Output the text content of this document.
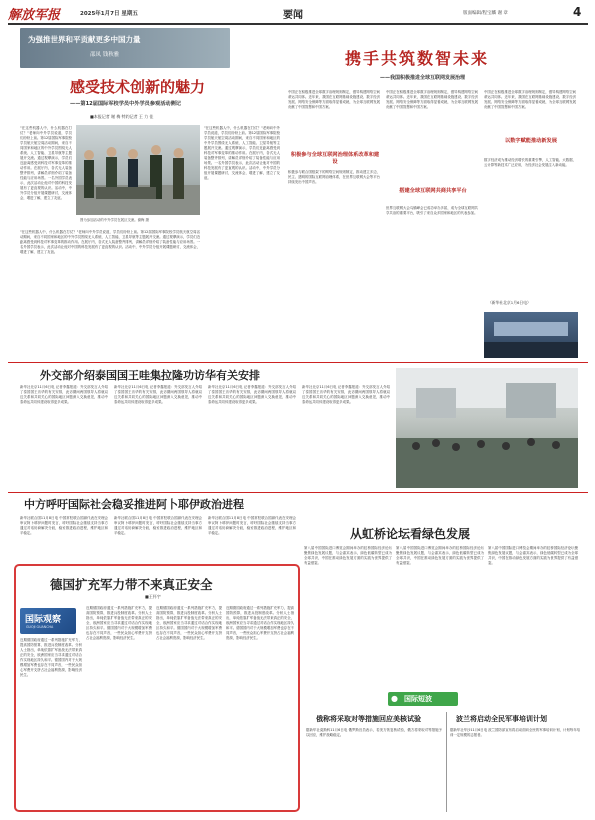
解放军报	2025年1月7日 星期五	要闻	版面编辑/程宝麟 谢 章	4
为强推世界和平贡献更多中国力量
邵凤 钱秋雅
感受技术创新的魅力
——第12届国际军校学员中外学员参观活动侧记
■本报记者 谢 梅 特约记者 王 力 佳
图为参加活动的中外学员在展区交流。谢梅 摄
"在这些机器人中，什么机器在打仗？"老师向中外学员说道，学员们纷纷上前。第12届国际军事院校学员航天航空周活动期间，来自不同国家和地区的中外学员围绕无人系统、人工智能、卫星导航等主题展开交流。通过观摩演示，学员们近距离感受到科技对军事变革的推动作用。在展厅内，各式无人装备整齐排列，讲解员详细介绍了装备性能与应用场景。一名外国学员表示，此次活动让他对中国的科技发展有了更直观的认识。活动中，中外学员分组开展课题研讨，交流体会，增进了解，建立了友谊。
"在这些机器人中，什么机器在打仗？"老师向中外学员说道，学员们纷纷上前。第12届国际军事院校学员航天航空周活动期间，来自不同国家和地区的中外学员围绕无人系统、人工智能、卫星导航等主题展开交流。通过观摩演示，学员们近距离感受到科技对军事变革的推动作用。在展厅内，各式无人装备整齐排列，讲解员详细介绍了装备性能与应用场景。一名外国学员表示，此次活动让他对中国的科技发展有了更直观的认识。活动中，中外学员分组开展课题研讨，交流体会，增进了解，建立了友谊。
"在这些机器人中，什么机器在打仗？"老师向中外学员说道，学员们纷纷上前。第12届国际军事院校学员航天航空周活动期间，来自不同国家和地区的中外学员围绕无人系统、人工智能、卫星导航等主题展开交流。通过观摩演示，学员们近距离感受到科技对军事变革的推动作用。在展厅内，各式无人装备整齐排列，讲解员详细介绍了装备性能与应用场景。一名外国学员表示，此次活动让他对中国的科技发展有了更直观的认识。活动中，中外学员分组开展课题研讨，交流体会，增进了解，建立了友谊。
携手共筑数智未来
——我国积极推进全球互联网发展治理
中国正在积极推进全球数字治理规则制定，倡导构建网络空间命运共同体。近年来，我国在互联网基础设施建设、数字经济发展、网络安全保障等方面取得显著成就，为全球互联网发展贡献了中国智慧和中国方案。
积极参与全球互联网治理体系改革和建设
积极参与联合国框架下的网络空间规则制定，推动建立多边、民主、透明的国际互联网治理体系，在世界互联网大会等平台持续发出中国声音。
中国正在积极推进全球数字治理规则制定，倡导构建网络空间命运共同体。近年来，我国在互联网基础设施建设、数字经济发展、网络安全保障等方面取得显著成就，为全球互联网发展贡献了中国智慧和中国方案。
搭建全球互联网共商共享平台
世界互联网大会乌镇峰会已成功举办多届，成为全球互联网共享共治的重要平台，吸引了来自众多国家和地区的代表参加。
中国正在积极推进全球数字治理规则制定，倡导构建网络空间命运共同体。近年来，我国在互联网基础设施建设、数字经济发展、网络安全保障等方面取得显著成就，为全球互联网发展贡献了中国智慧和中国方案。
以数字赋能推动新发展
数字经济成为推动经济增长的重要引擎，人工智能、大数据、云计算等新技术广泛应用，为经济社会发展注入新动能。
（新华社北京1月6日电）
外交部介绍泰国国王哇集拉隆功访华有关安排
新华社北京11月6日电 记者李鑫报道：外交部发言人介绍了泰国国王访华的有关安排，此访期间两国领导人将就双边关系和共同关心的国际地区问题深入交换意见，推动中泰命运共同体建设取得更多成果。
新华社北京11月6日电 记者李鑫报道：外交部发言人介绍了泰国国王访华的有关安排，此访期间两国领导人将就双边关系和共同关心的国际地区问题深入交换意见，推动中泰命运共同体建设取得更多成果。
新华社北京11月6日电 记者李鑫报道：外交部发言人介绍了泰国国王访华的有关安排，此访期间两国领导人将就双边关系和共同关心的国际地区问题深入交换意见，推动中泰命运共同体建设取得更多成果。
新华社北京11月6日电 记者李鑫报道：外交部发言人介绍了泰国国王访华的有关安排，此访期间两国领导人将就双边关系和共同关心的国际地区问题深入交换意见，推动中泰命运共同体建设取得更多成果。
中方呼吁国际社会稳妥推进阿卜耶伊政治进程
新华社联合国11月8日电 中国常驻联合国副代表在安理会审议阿卜耶伊问题时发言，呼吁国际社会继续支持当事方通过对话协商解决分歧，稳妥推进政治进程，维护地区和平稳定。
新华社联合国11月8日电 中国常驻联合国副代表在安理会审议阿卜耶伊问题时发言，呼吁国际社会继续支持当事方通过对话协商解决分歧，稳妥推进政治进程，维护地区和平稳定。
新华社联合国11月8日电 中国常驻联合国副代表在安理会审议阿卜耶伊问题时发言，呼吁国际社会继续支持当事方通过对话协商解决分歧，稳妥推进政治进程，维护地区和平稳定。	从虹桥论坛看绿色发展
第八届中国国际进口博览会期间举办的虹桥国际经济论坛聚焦绿色发展议题，与会嘉宾表示，绿色低碳转型已成为全球共识，中国在推动绿色发展方面的实践为世界提供了有益借鉴。
第八届中国国际进口博览会期间举办的虹桥国际经济论坛聚焦绿色发展议题，与会嘉宾表示，绿色低碳转型已成为全球共识，中国在推动绿色发展方面的实践为世界提供了有益借鉴。
第八届中国国际进口博览会期间举办的虹桥国际经济论坛聚焦绿色发展议题，与会嘉宾表示，绿色低碳转型已成为全球共识，中国在推动绿色发展方面的实践为世界提供了有益借鉴。
德国扩充军力带不来真正安全
■王怀宇
国际观察
GUOJI GUANCHA
近期德国政府通过一系列措施扩充军力，提高国防预算，推进兵役制度改革。分析人士指出，单纯依靠扩军备战无法带来真正的安全，欧洲国家应当寻求通过对话合作实现地区持久和平。德国国内对于大规模增加军费也存在不同声音，一些民众担心军费开支挤占社会福利资源，影响经济民生。
近期德国政府通过一系列措施扩充军力，提高国防预算，推进兵役制度改革。分析人士指出，单纯依靠扩军备战无法带来真正的安全，欧洲国家应当寻求通过对话合作实现地区持久和平。德国国内对于大规模增加军费也存在不同声音，一些民众担心军费开支挤占社会福利资源，影响经济民生。
近期德国政府通过一系列措施扩充军力，提高国防预算，推进兵役制度改革。分析人士指出，单纯依靠扩军备战无法带来真正的安全，欧洲国家应当寻求通过对话合作实现地区持久和平。德国国内对于大规模增加军费也存在不同声音，一些民众担心军费开支挤占社会福利资源，影响经济民生。
近期德国政府通过一系列措施扩充军力，提高国防预算，推进兵役制度改革。分析人士指出，单纯依靠扩军备战无法带来真正的安全，欧洲国家应当寻求通过对话合作实现地区持久和平。德国国内对于大规模增加军费也存在不同声音，一些民众担心军费开支挤占社会福利资源，影响经济民生。
● 国际短波
俄称将采取对等措施回应美核试验
据新华社莫斯科11月6日电 俄罗斯官员表示，若美方恢复核试验，俄方将采取对等措施予以回应，维护战略稳定。
波兰将启动全民军事培训计划
据新华社华沙11月6日电 波兰国防部宣布将启动面向全民的军事培训计划，计划每年培训一定规模的志愿者。
